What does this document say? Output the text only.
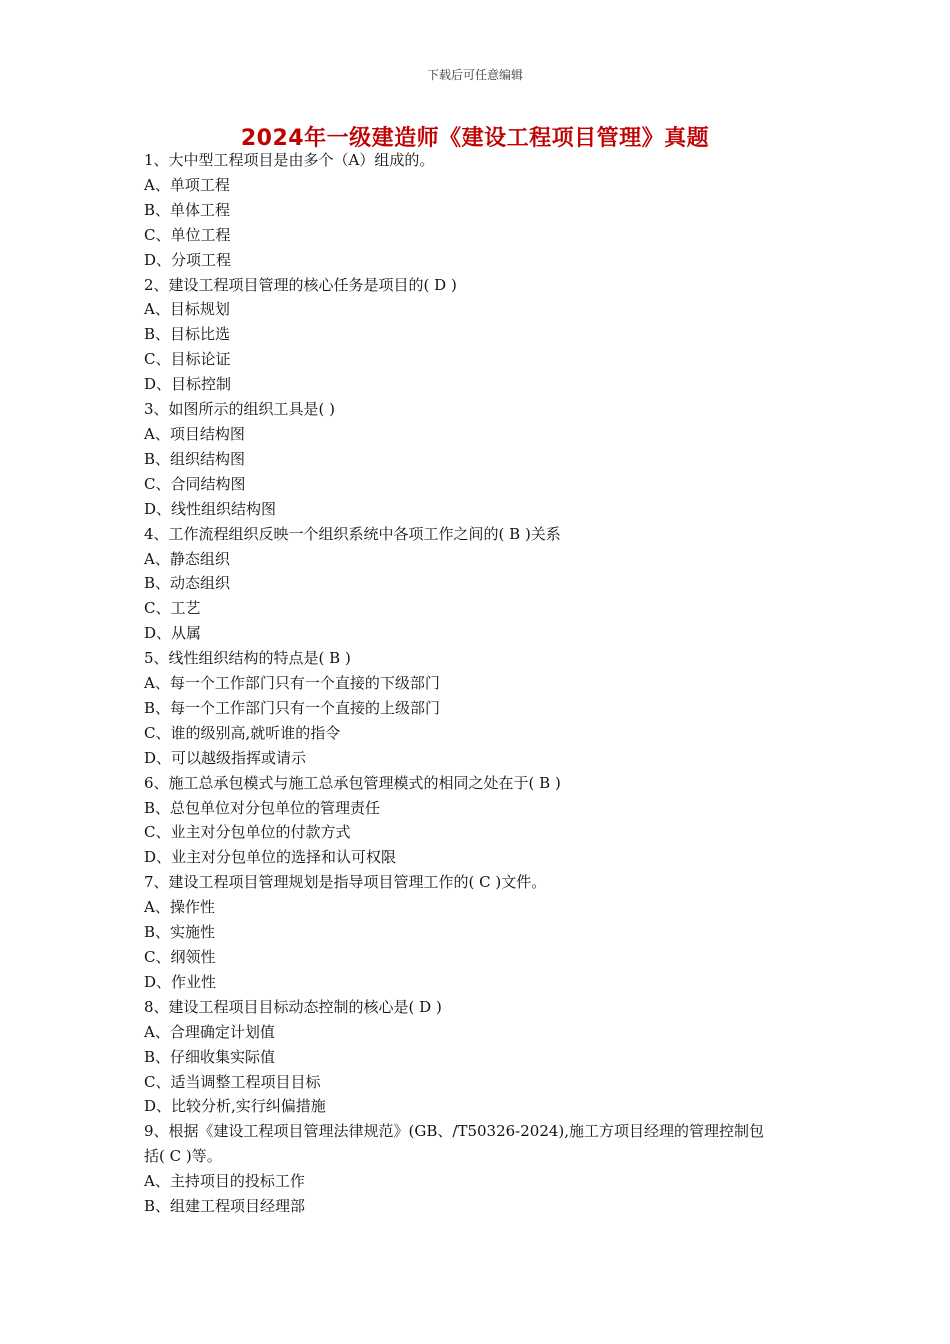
下载后可任意编辑
2024年一级建造师《建设工程项目管理》真题
1、大中型工程项目是由多个（A）组成的。
A、单项工程
B、单体工程
C、单位工程
D、分项工程
2、建设工程项目管理的核心任务是项目的( D )
A、目标规划
B、目标比选
C、目标论证
D、目标控制
3、如图所示的组织工具是( )
A、项目结构图
B、组织结构图
C、合同结构图
D、线性组织结构图
4、工作流程组织反映一个组织系统中各项工作之间的( B )关系
A、静态组织
B、动态组织
C、工艺
D、从属
5、线性组织结构的特点是( B )
A、每一个工作部门只有一个直接的下级部门
B、每一个工作部门只有一个直接的上级部门
C、谁的级别高,就听谁的指令
D、可以越级指挥或请示
6、施工总承包模式与施工总承包管理模式的相同之处在于( B )
B、总包单位对分包单位的管理责任
C、业主对分包单位的付款方式
D、业主对分包单位的选择和认可权限
7、建设工程项目管理规划是指导项目管理工作的( C )文件。
A、操作性
B、实施性
C、纲领性
D、作业性
8、建设工程项目目标动态控制的核心是( D )
A、合理确定计划值
B、仔细收集实际值
C、适当调整工程项目目标
D、比较分析,实行纠偏措施
9、根据《建设工程项目管理法律规范》(GB、/T50326-2024),施工方项目经理的管理控制包
括( C )等。
A、主持项目的投标工作
B、组建工程项目经理部
